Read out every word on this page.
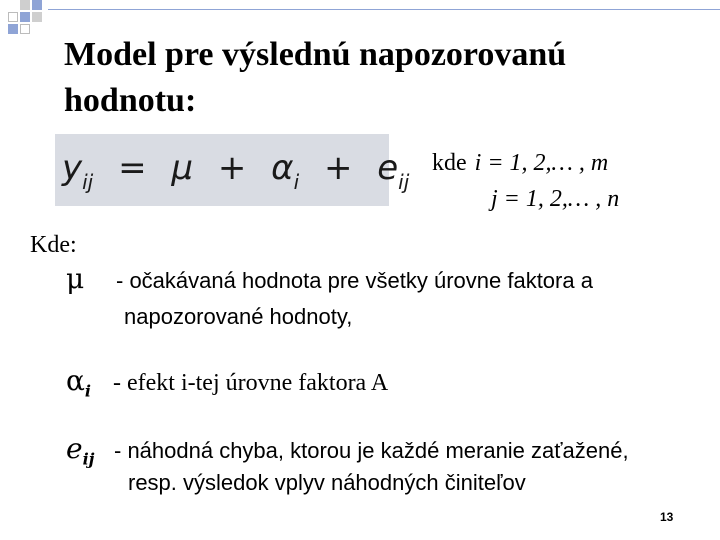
Model pre výslednú napozorovanú
hodnotu:
$y_{ij} = \mu + \alpha_i + e_{ij}$
kde i = 1, 2,… , m
j = 1, 2,… , n
Kde:
μ - očakávaná hodnota pre všetky úrovne faktora a
napozorované hodnoty,
$\alpha_i$ - efekt i-tej úrovne faktora A
$e_{ij}$ - náhodná chyba, ktorou je každé meranie zaťažené,
resp. výsledok vplyv náhodných činiteľov
13
